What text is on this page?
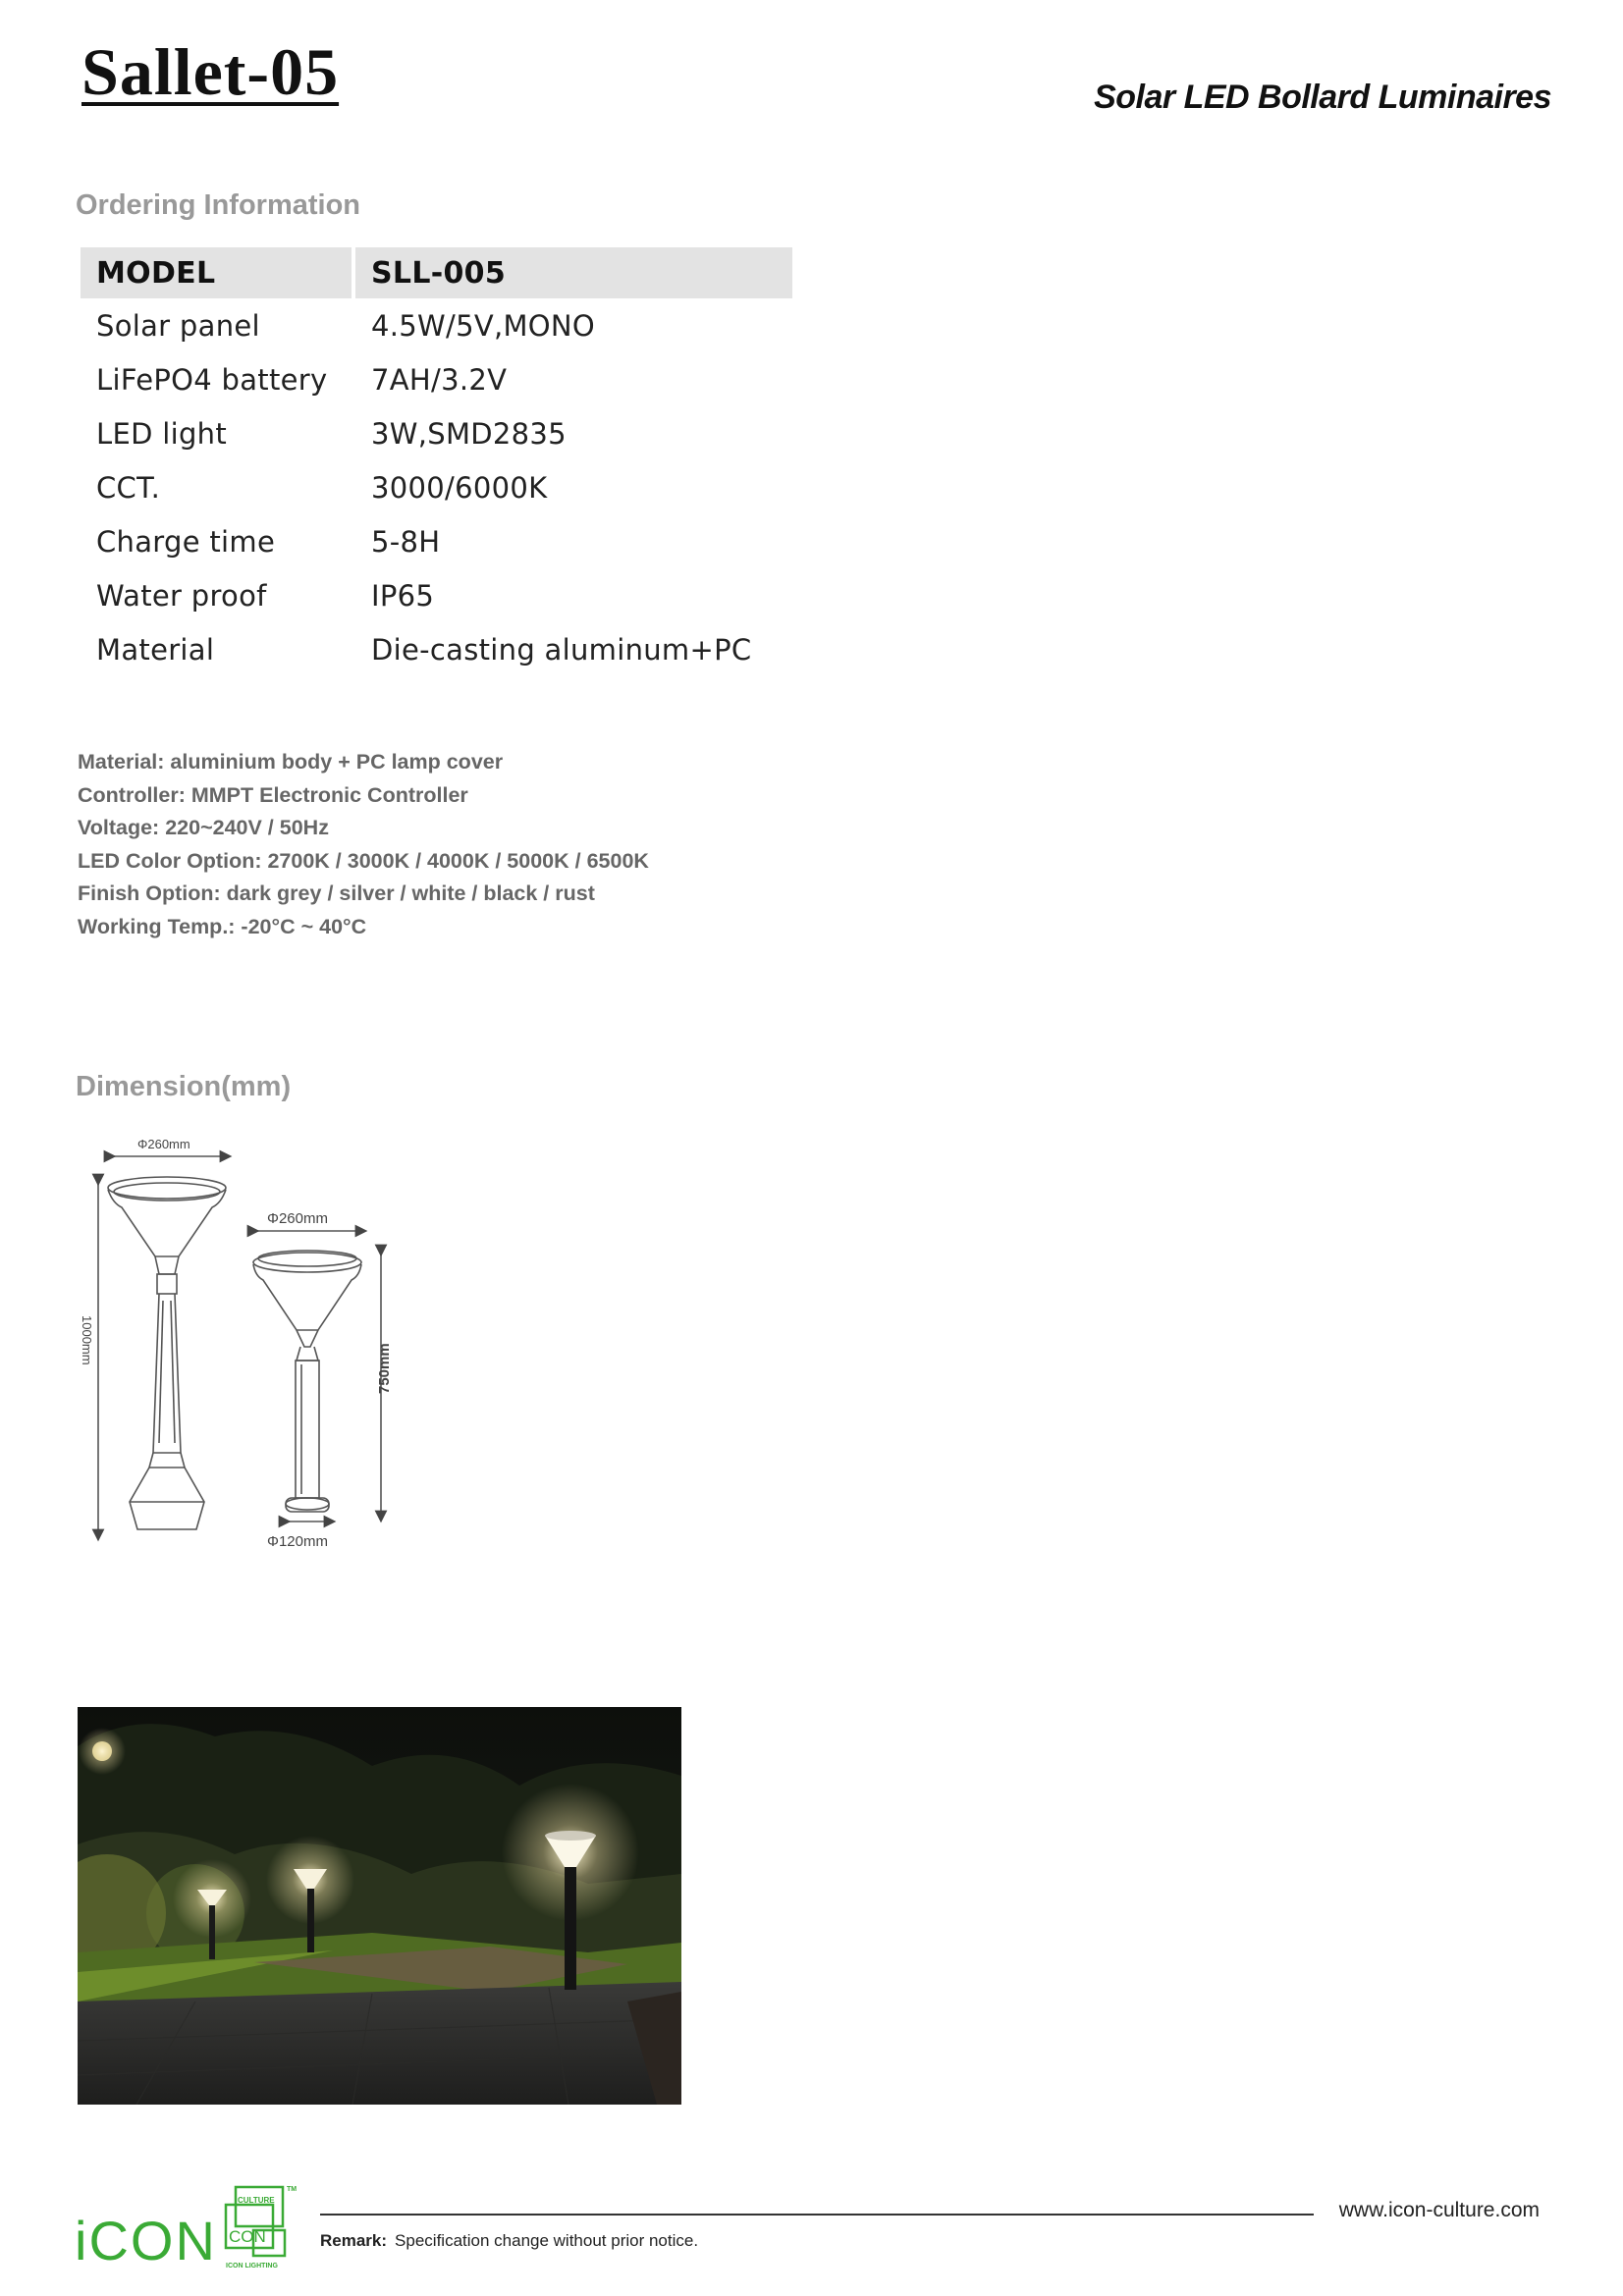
Sallet-05	Solar LED Bollard Luminaires
Ordering Information
MODEL	SLL-005
Solar panel	4.5W/5V,MONO
LiFePO4 battery	7AH/3.2V
LED light	3W,SMD2835
CCT.	3000/6000K
Charge time	5-8H
Water proof	IP65
Material	Die-casting aluminum+PC
Material: aluminium body + PC lamp cover
Controller: MMPT Electronic Controller
Voltage: 220~240V / 50Hz
LED Color Option: 2700K / 3000K / 4000K / 5000K / 6500K
Finish Option: dark grey / silver / white / black / rust
Working Temp.: -20°C ~ 40°C
Dimension(mm)
Φ260mm
1000mm
Φ260mm
750mm
Φ120mm
iCON
CULTURE
CON
ICON LIGHTING
TM
www.icon-culture.com
Remark: Specification change without prior notice.
